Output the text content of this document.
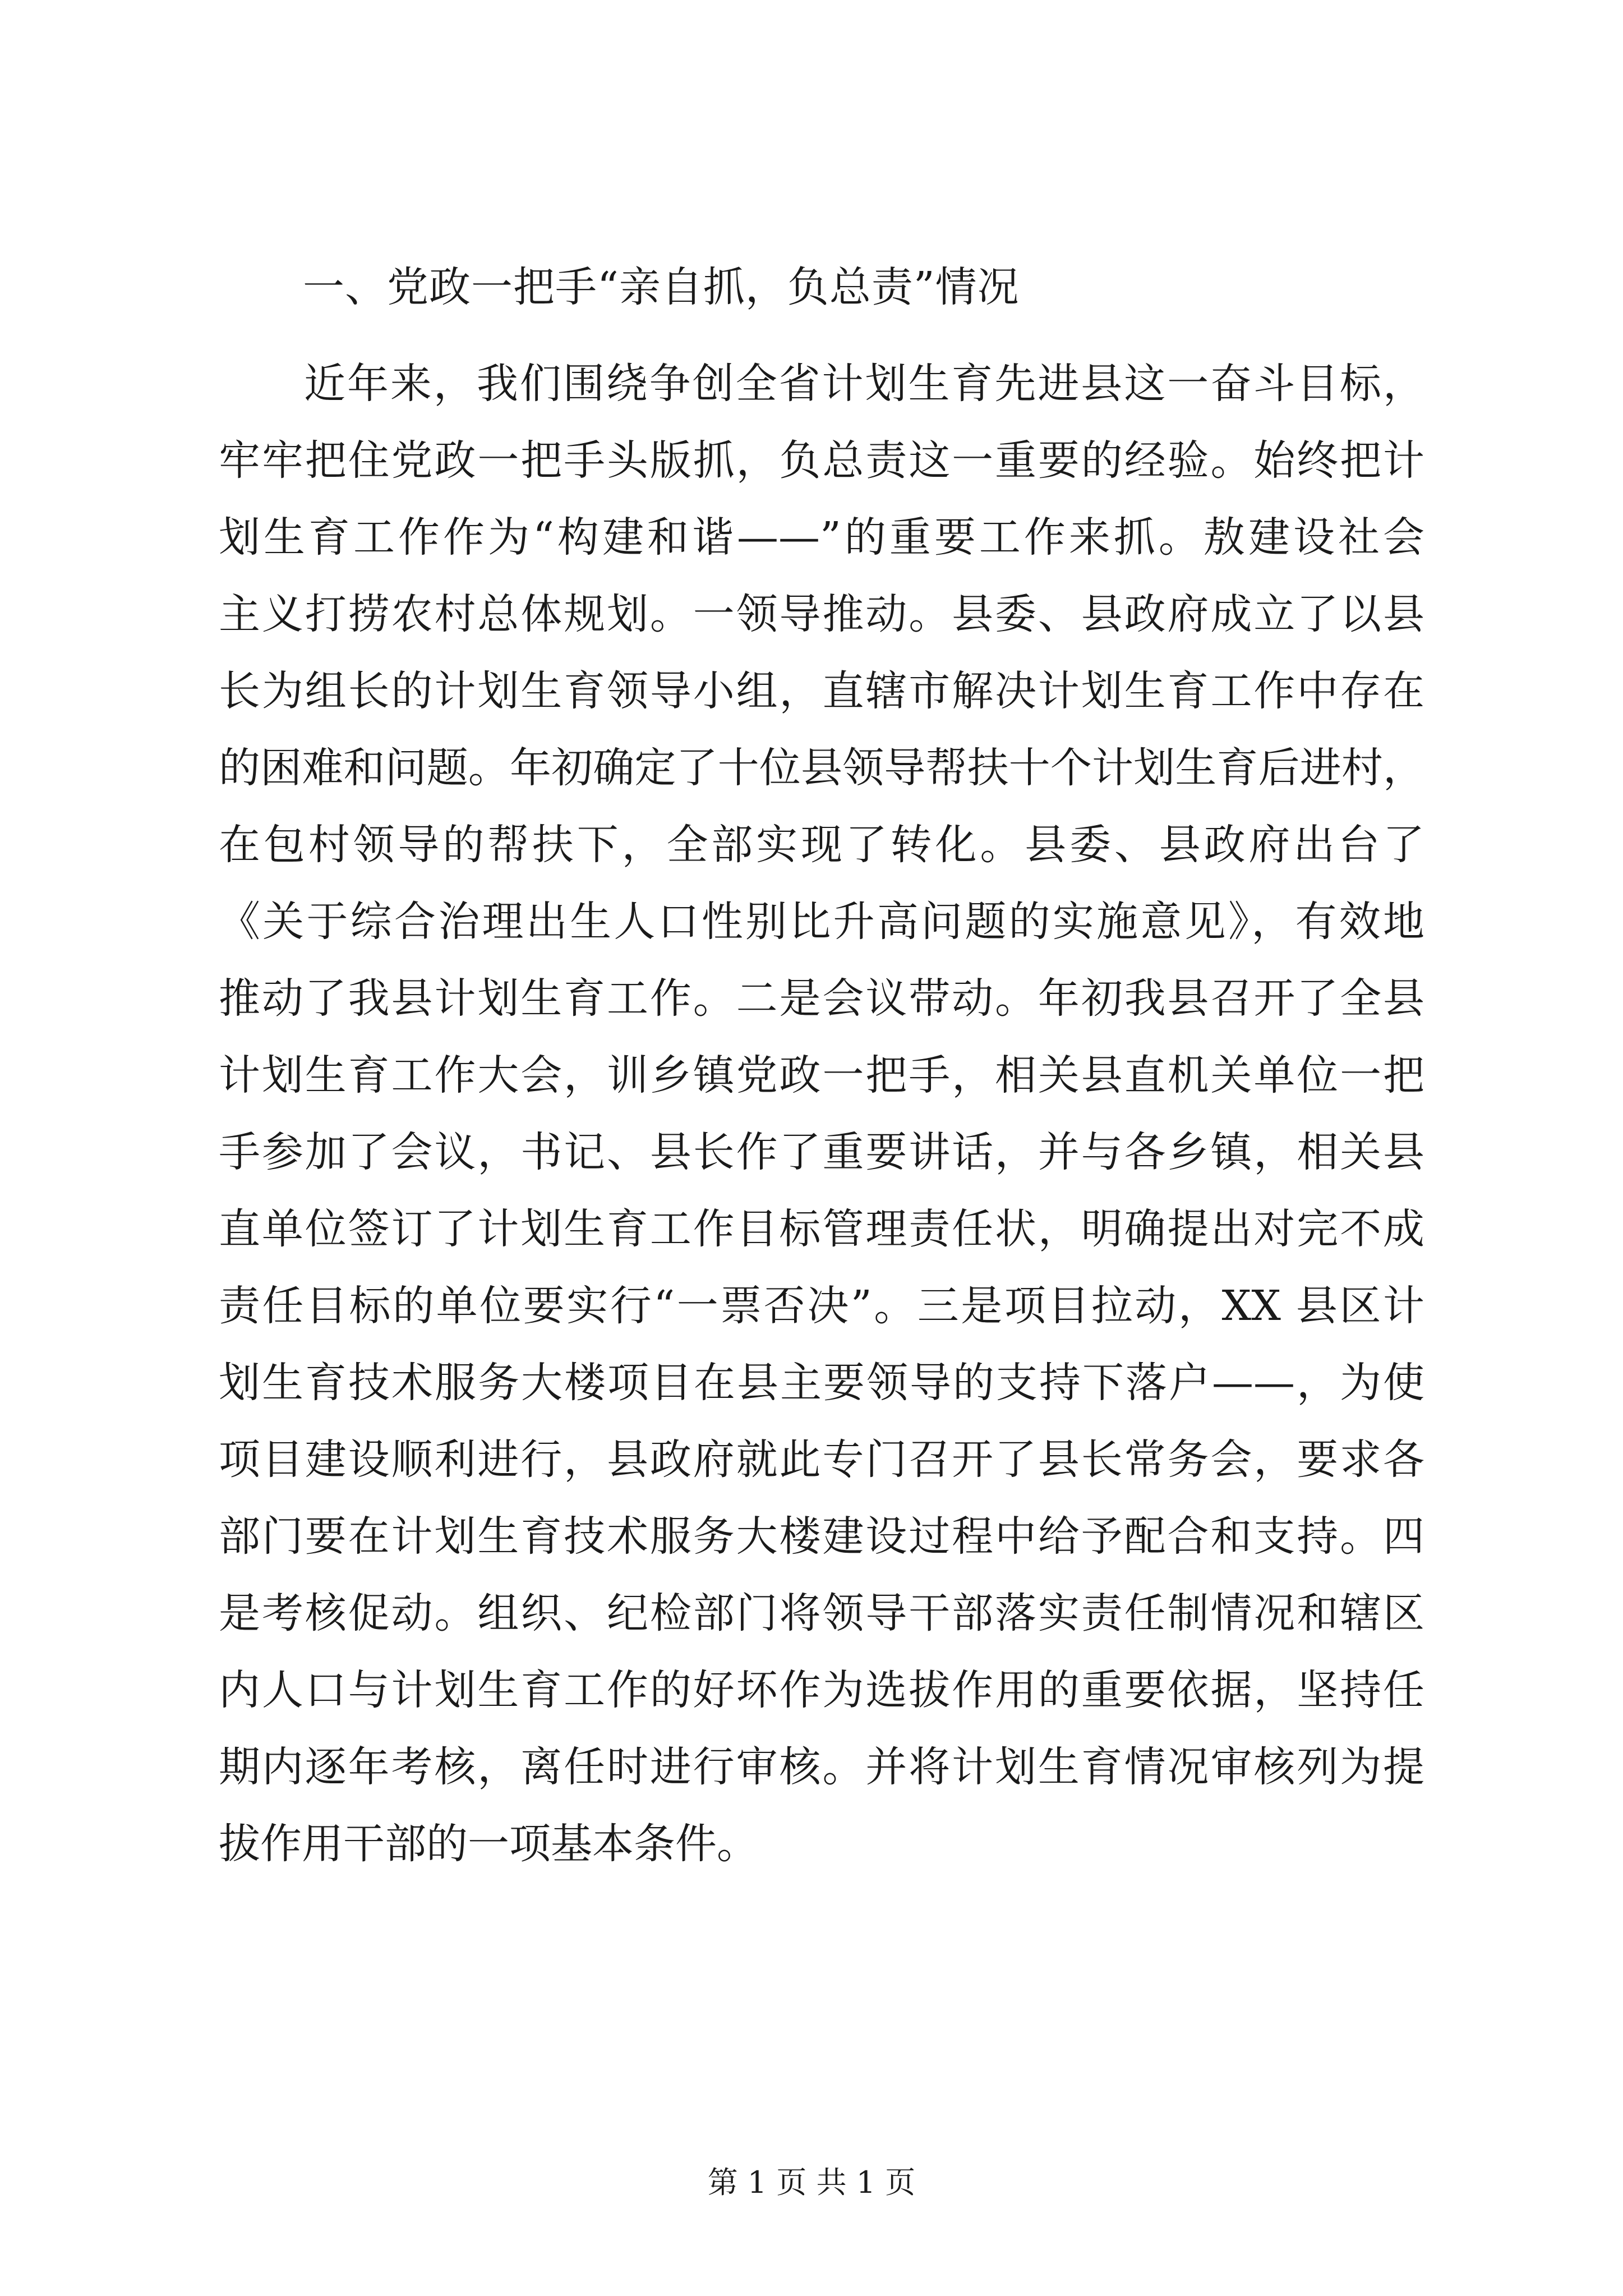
一、党政一把手“亲自抓，负总责”情况
近年来，我们围绕争创全省计划生育先进县这一奋斗目标，
牢牢把住党政一把手头版抓，负总责这一重要的经验。始终把计
划生育工作作为“构建和谐——”的重要工作来抓。敖建设社会
主义打捞农村总体规划。一领导推动。县委、县政府成立了以县
长为组长的计划生育领导小组，直辖市解决计划生育工作中存在
的困难和问题。年初确定了十位县领导帮扶十个计划生育后进村，
在包村领导的帮扶下，全部实现了转化。县委、县政府出台了
《关于综合治理出生人口性别比升高问题的实施意见》，有效地
推动了我县计划生育工作。二是会议带动。年初我县召开了全县
计划生育工作大会，训乡镇党政一把手，相关县直机关单位一把
手参加了会议，书记、县长作了重要讲话，并与各乡镇，相关县
直单位签订了计划生育工作目标管理责任状，明确提出对完不成
责任目标的单位要实行“一票否决”。三是项目拉动，XX 县区计
划生育技术服务大楼项目在县主要领导的支持下落户——，为使
项目建设顺利进行，县政府就此专门召开了县长常务会，要求各
部门要在计划生育技术服务大楼建设过程中给予配合和支持。四
是考核促动。组织、纪检部门将领导干部落实责任制情况和辖区
内人口与计划生育工作的好坏作为选拔作用的重要依据，坚持任
期内逐年考核，离任时进行审核。并将计划生育情况审核列为提
拔作用干部的一项基本条件。
第 1 页 共 1 页
